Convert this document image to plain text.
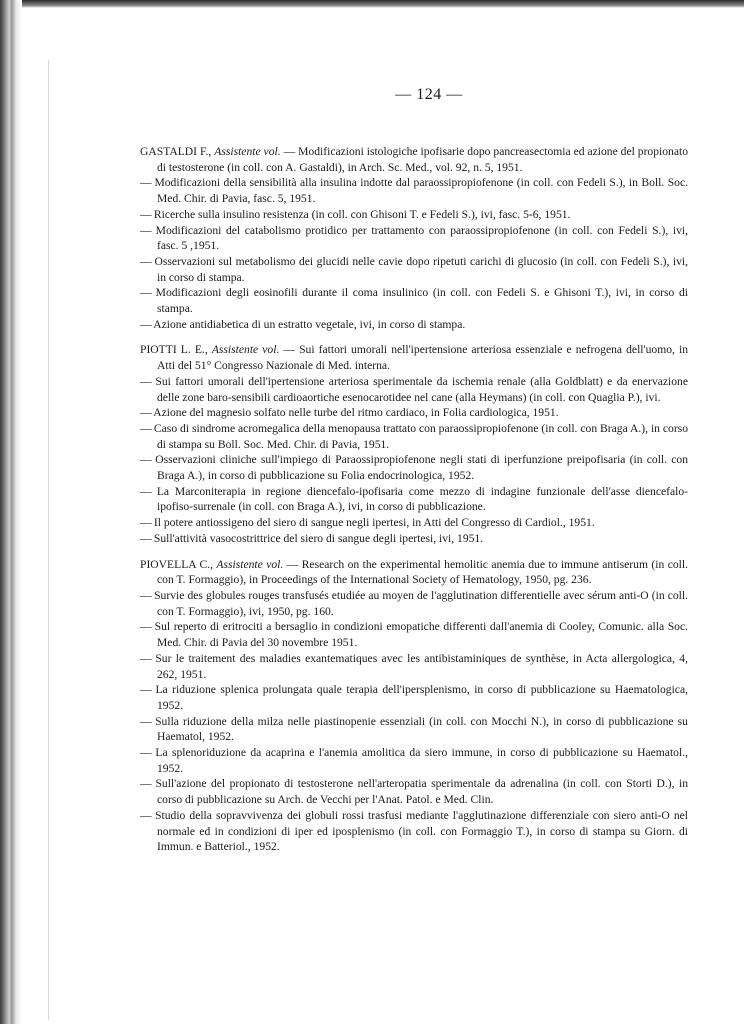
— 124 —

GASTALDI F., Assistente vol. — Modificazioni istologiche ipofisarie dopo pancreasectomia ed azione del propionato di testosterone (in coll. con A. Gastaldi), in Arch. Sc. Med., vol. 92, n. 5, 1951.

— Modificazioni della sensibilità alla insulina indotte dal paraossipropiofenone (in coll. con Fedeli S.), in Boll. Soc. Med. Chir. di Pavia, fasc. 5, 1951.

— Ricerche sulla insulino resistenza (in coll. con Ghisoni T. e Fedeli S.), ivi, fasc. 5-6, 1951.

— Modificazioni del catabolismo protidico per trattamento con paraossipropiofenone (in coll. con Fedeli S.), ivi, fasc. 5 ,1951.

— Osservazioni sul metabolismo dei glucidi nelle cavie dopo ripetuti carichi di glucosio (in coll. con Fedeli S.), ivi, in corso di stampa.

— Modificazioni degli eosinofili durante il coma insulinico (in coll. con Fedeli S. e Ghisoni T.), ivi, in corso di stampa.

— Azione antidiabetica di un estratto vegetale, ivi, in corso di stampa.

PIOTTI L. E., Assistente vol. — Sui fattori umorali nell'ipertensione arteriosa essenziale e nefrogena dell'uomo, in Atti del 51° Congresso Nazionale di Med. interna.

— Sui fattori umorali dell'ipertensione arteriosa sperimentale da ischemia renale (alla Goldblatt) e da enervazione delle zone baro-sensibili cardioaortiche esenocarotidee nel cane (alla Heymans) (in coll. con Quaglia P.), ivi.

— Azione del magnesio solfato nelle turbe del ritmo cardiaco, in Folia cardiologica, 1951.

— Caso di sindrome acromegalica della menopausa trattato con paraossipropiofenone (in coll. con Braga A.), in corso di stampa su Boll. Soc. Med. Chir. di Pavia, 1951.

— Osservazioni cliniche sull'impiego di Paraossipropiofenone negli stati di iperfunzione preipofisaria (in coll. con Braga A.), in corso di pubblicazione su Folia endocrinologica, 1952.

— La Marconiterapia in regione diencefalo-ipofisaria come mezzo di indagine funzionale dell'asse diencefalo-ipofiso-surrenale (in coll. con Braga A.), ivi, in corso di pubblicazione.

— Il potere antiossigeno del siero di sangue negli ipertesi, in Atti del Congresso di Cardiol., 1951.

— Sull'attività vasocostrittrice del siero di sangue degli ipertesi, ivi, 1951.

PIOVELLA C., Assistente vol. — Research on the experimental hemolitic anemia due to immune antiserum (in coll. con T. Formaggio), in Proceedings of the International Society of Hematology, 1950, pg. 236.

— Survie des globules rouges transfusés etudiée au moyen de l'agglutination differentielle avec sérum anti-O (in coll. con T. Formaggio), ivi, 1950, pg. 160.

— Sul reperto di eritrociti a bersaglio in condizioni emopatiche differenti dall'anemia di Cooley, Comunic. alla Soc. Med. Chir. di Pavia del 30 novembre 1951.

— Sur le traitement des maladies exantematiques avec les antibistaminiques de synthèse, in Acta allergologica, 4, 262, 1951.

— La riduzione splenica prolungata quale terapia dell'ipersplenismo, in corso di pubblicazione su Haematologica, 1952.

— Sulla riduzione della milza nelle piastinopenie essenziali (in coll. con Mocchi N.), in corso di pubblicazione su Haematol, 1952.

— La splenoriduzione da acaprina e l'anemia amolitica da siero immune, in corso di pubblicazione su Haematol., 1952.

— Sull'azione del propionato di testosterone nell'arteropatia sperimentale da adrenalina (in coll. con Storti D.), in corso di pubblicazione su Arch. de Vecchi per l'Anat. Patol. e Med. Clin.

— Studio della sopravvivenza dei globuli rossi trasfusi mediante l'agglutinazione differenziale con siero anti-O nel normale ed in condizioni di iper ed iposplenismo (in coll. con Formaggio T.), in corso di stampa su Giorn. di Immun. e Batteriol., 1952.
